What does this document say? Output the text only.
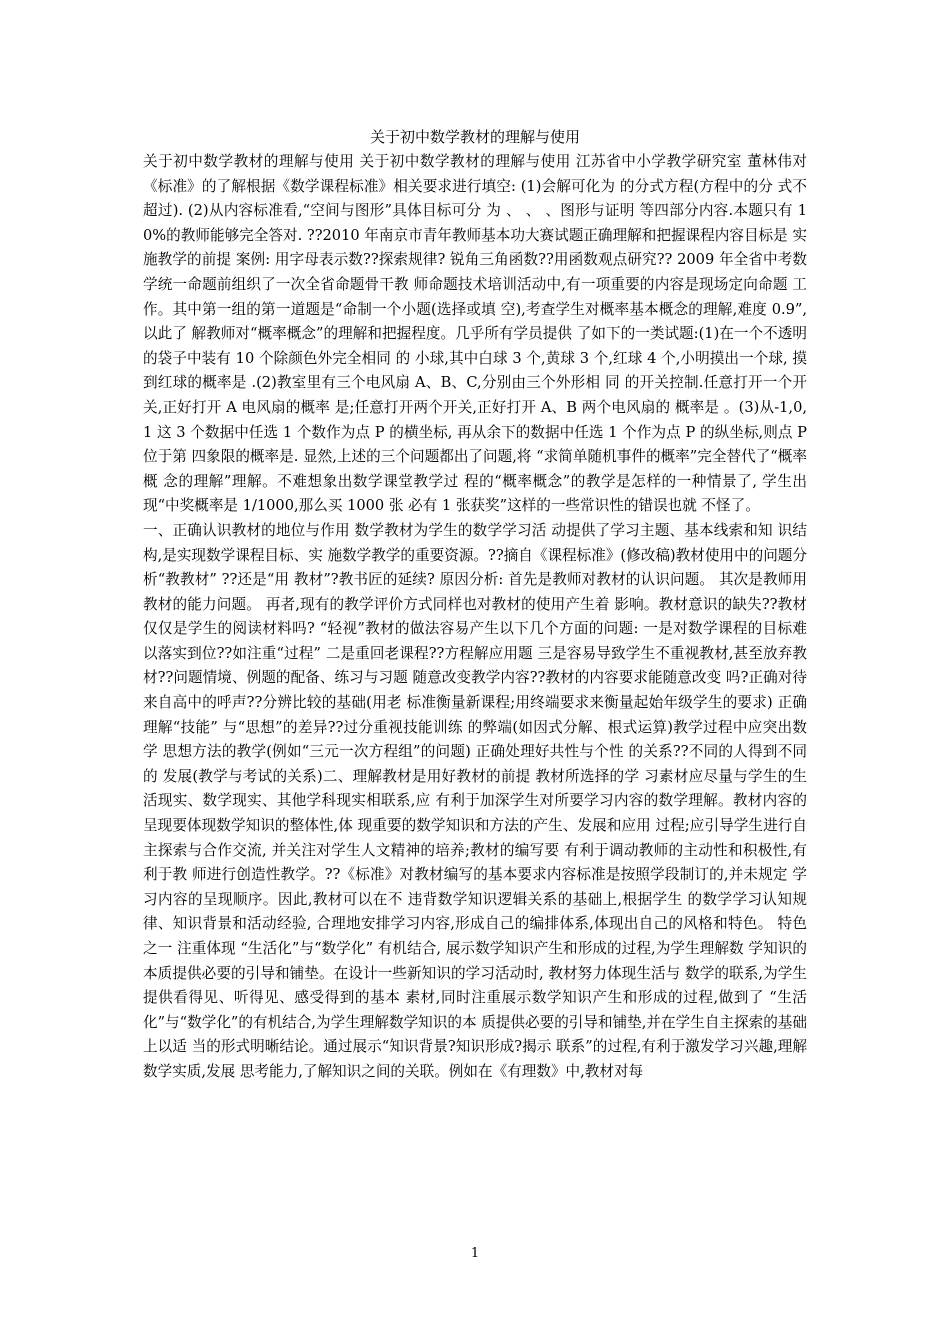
关于初中数学教材的理解与使用

关于初中数学教材的理解与使用 关于初中数学教材的理解与使用 江苏省中小学教学研究室 董林伟对《标准》的了解根据《数学课程标准》相关要求进行填空: (1)会解可化为 的分式方程(方程中的分 式不超过). (2)从内容标准看,“空间与图形”具体目标可分 为 、 、 、图形与证明 等四部分内容.本题只有 10%的教师能够完全答对. ??2010 年南京市青年教师基本功大赛试题正确理解和把握课程内容目标是 实施教学的前提 案例: 用字母表示数??探索规律? 锐角三角函数??用函数观点研究?? 2009 年全省中考数学统一命题前组织了一次全省命题骨干教 师命题技术培训活动中,有一项重要的内容是现场定向命题 工作。其中第一组的第一道题是“命制一个小题(选择或填 空),考查学生对概率基本概念的理解,难度 0.9”,以此了 解教师对“概率概念”的理解和把握程度。几乎所有学员提供 了如下的一类试题:(1)在一个不透明的袋子中装有 10 个除颜色外完全相同 的 小球,其中白球 3 个,黄球 3 个,红球 4 个,小明摸出一个球, 摸到红球的概率是 .(2)教室里有三个电风扇 A、B、C,分别由三个外形相 同 的开关控制.任意打开一个开关,正好打开 A 电风扇的概率 是;任意打开两个开关,正好打开 A、B 两个电风扇的 概率是 。(3)从-1,0,1 这 3 个数据中任选 1 个数作为点 P 的横坐标, 再从余下的数据中任选 1 个作为点 P 的纵坐标,则点 P 位于第 四象限的概率是. 显然,上述的三个问题都出了问题,将 “求简单随机事件的概率”完全替代了“概率概 念的理解”理解。不难想象出数学课堂教学过 程的“概率概念”的教学是怎样的一种情景了, 学生出现“中奖概率是 1/1000,那么买 1000 张 必有 1 张获奖”这样的一些常识性的错误也就 不怪了。

一、正确认识教材的地位与作用 数学教材为学生的数学学习活 动提供了学习主题、基本线索和知 识结构,是实现数学课程目标、实 施数学教学的重要资源。??摘自《课程标准》(修改稿)教材使用中的问题分析“教教材” ??还是“用 教材”?教书匠的延续? 原因分析: 首先是教师对教材的认识问题。 其次是教师用教材的能力问题。 再者,现有的教学评价方式同样也对教材的使用产生着 影响。教材意识的缺失??教材仅仅是学生的阅读材料吗? “轻视”教材的做法容易产生以下几个方面的问题: 一是对数学课程的目标难以落实到位??如注重“过程” 二是重回老课程??方程解应用题 三是容易导致学生不重视教材,甚至放弃教材??问题情境、例题的配备、练习与习题 随意改变教学内容??教材的内容要求能随意改变 吗?正确对待来自高中的呼声??分辨比较的基础(用老 标准衡量新课程;用终端要求来衡量起始年级学生的要求) 正确理解“技能” 与“思想”的差异??过分重视技能训练 的弊端(如因式分解、根式运算)教学过程中应突出数学 思想方法的教学(例如“三元一次方程组”的问题) 正确处理好共性与个性 的关系??不同的人得到不同的 发展(教学与考试的关系)二、理解教材是用好教材的前提 教材所选择的学 习素材应尽量与学生的生 活现实、数学现实、其他学科现实相联系,应 有利于加深学生对所要学习内容的数学理解。教材内容的呈现要体现数学知识的整体性,体 现重要的数学知识和方法的产生、发展和应用 过程;应引导学生进行自主探索与合作交流, 并关注对学生人文精神的培养;教材的编写要 有利于调动教师的主动性和积极性,有利于教 师进行创造性教学。??《标准》对教材编写的基本要求内容标准是按照学段制订的,并未规定 学习内容的呈现顺序。因此,教材可以在不 违背数学知识逻辑关系的基础上,根据学生 的数学学习认知规律、知识背景和活动经验, 合理地安排学习内容,形成自己的编排体系,体现出自己的风格和特色。 特色之一 注重体现 “生活化”与“数学化” 有机结合, 展示数学知识产生和形成的过程,为学生理解数 学知识的本质提供必要的引导和铺垫。在设计一些新知识的学习活动时, 教材努力体现生活与 数学的联系,为学生提供看得见、听得见、感受得到的基本 素材,同时注重展示数学知识产生和形成的过程,做到了 “生活化”与“数学化”的有机结合,为学生理解数学知识的本 质提供必要的引导和铺垫,并在学生自主探索的基础上以适 当的形式明晰结论。通过展示“知识背景?知识形成?揭示 联系”的过程,有利于激发学习兴趣,理解数学实质,发展 思考能力,了解知识之间的关联。例如在《有理数》中,教材对每

1
